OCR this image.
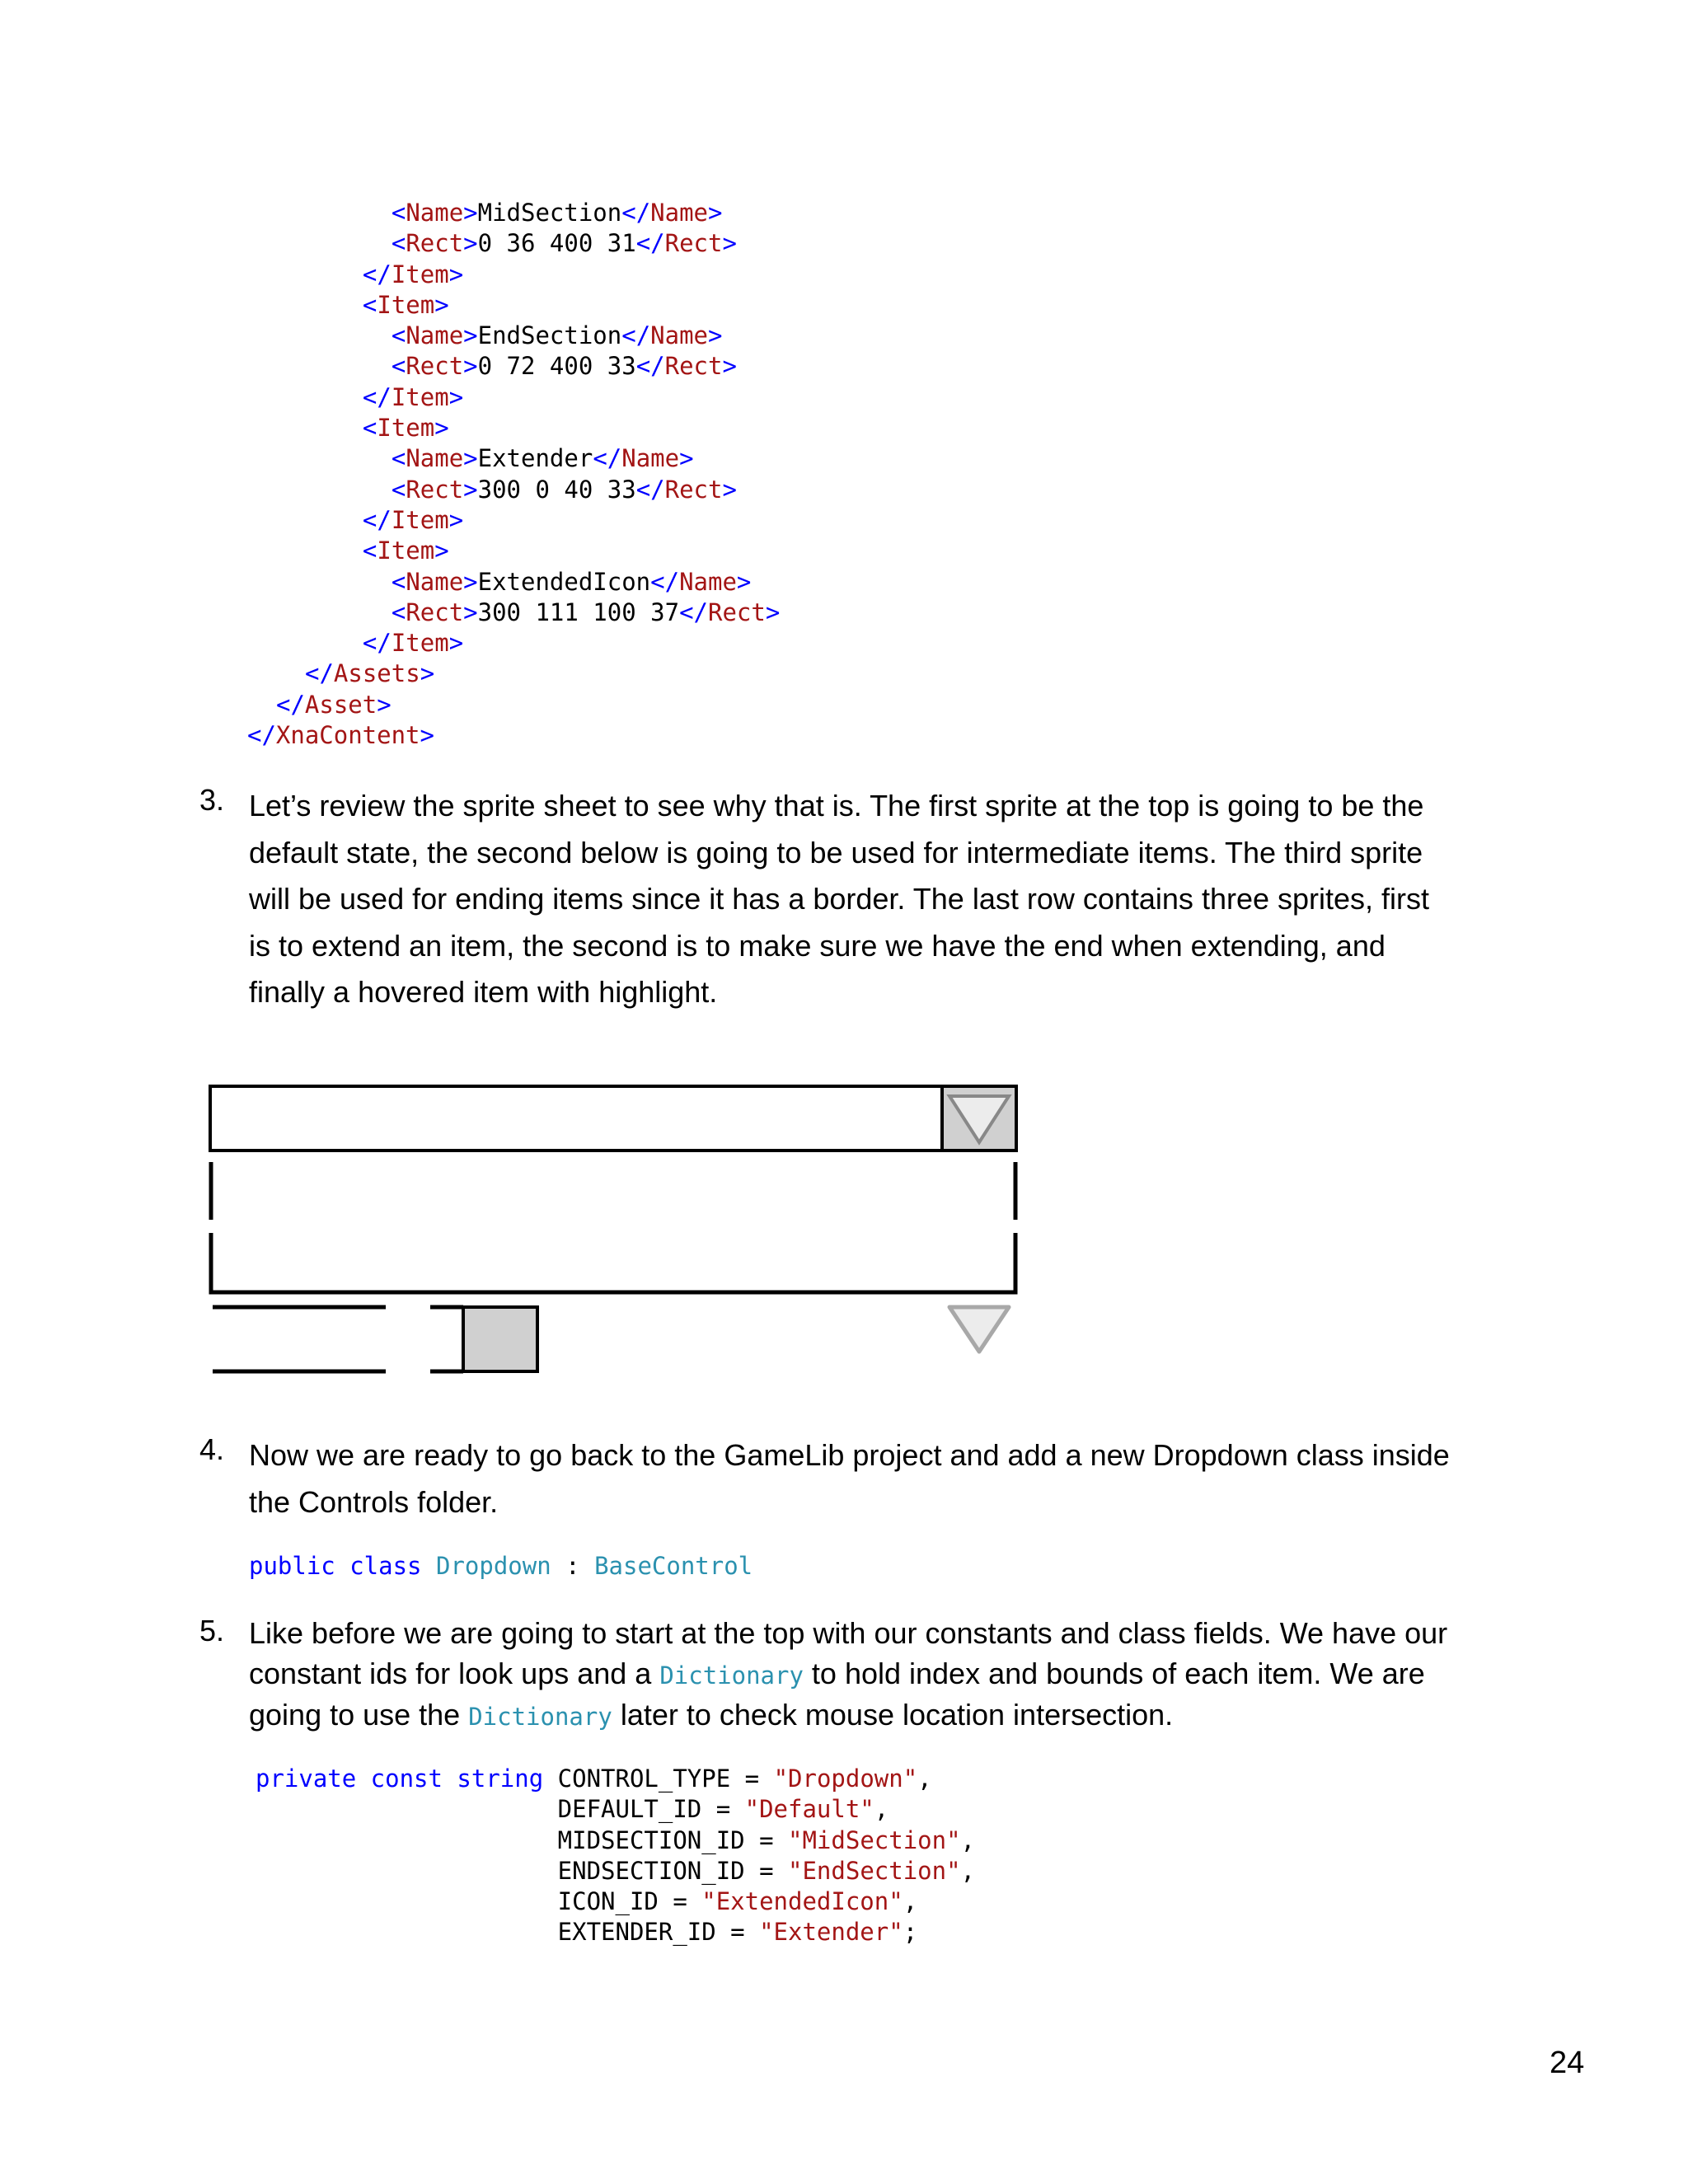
<Name>MidSection</Name>
<Rect>0 36 400 31</Rect>
</Item>
<Item>
<Name>EndSection</Name>
<Rect>0 72 400 33</Rect>
</Item>
<Item>
<Name>Extender</Name>
<Rect>300 0 40 33</Rect>
</Item>
<Item>
<Name>ExtendedIcon</Name>
<Rect>300 111 100 37</Rect>
</Item>
</Assets>
</Asset>
</XnaContent>
3. Let’s review the sprite sheet to see why that is. The first sprite at the top is going to be the
default state, the second below is going to be used for intermediate items. The third sprite
will be used for ending items since it has a border. The last row contains three sprites, first
is to extend an item, the second is to make sure we have the end when extending, and
finally a hovered item with highlight.
4. Now we are ready to go back to the GameLib project and add a new Dropdown class inside
the Controls folder.
public class Dropdown : BaseControl
5. Like before we are going to start at the top with our constants and class fields. We have our
constant ids for look ups and a Dictionary to hold index and bounds of each item. We are
going to use the Dictionary later to check mouse location intersection.
private const string CONTROL_TYPE = "Dropdown",
DEFAULT_ID = "Default",
MIDSECTION_ID = "MidSection",
ENDSECTION_ID = "EndSection",
ICON_ID = "ExtendedIcon",
EXTENDER_ID = "Extender";
24
